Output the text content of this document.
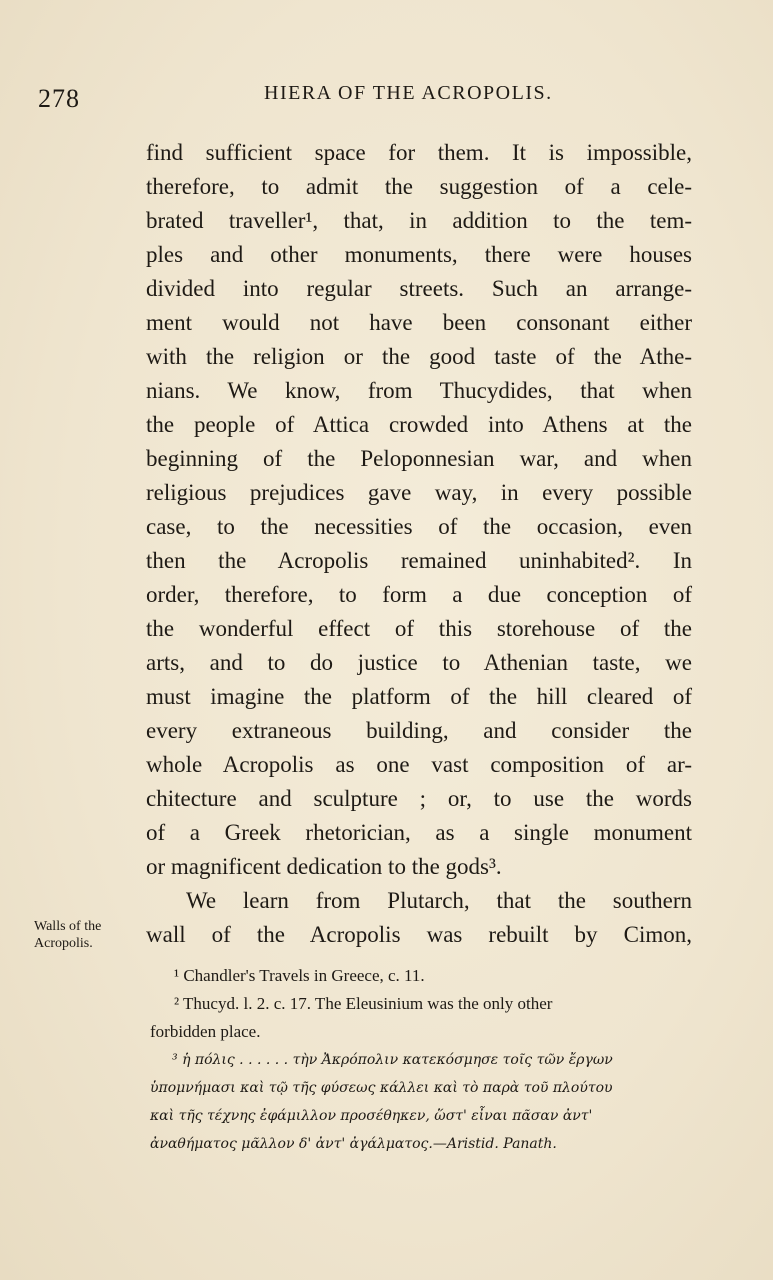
278	HIERA OF THE ACROPOLIS.
find sufficient space for them. It is impossible,
therefore, to admit the suggestion of a cele-
brated traveller¹, that, in addition to the tem-
ples and other monuments, there were houses
divided into regular streets. Such an arrange-
ment would not have been consonant either
with the religion or the good taste of the Athe-
nians. We know, from Thucydides, that when
the people of Attica crowded into Athens at the
beginning of the Peloponnesian war, and when
religious prejudices gave way, in every possible
case, to the necessities of the occasion, even
then the Acropolis remained uninhabited². In
order, therefore, to form a due conception of
the wonderful effect of this storehouse of the
arts, and to do justice to Athenian taste, we
must imagine the platform of the hill cleared of
every extraneous building, and consider the
whole Acropolis as one vast composition of ar-
chitecture and sculpture ; or, to use the words
of a Greek rhetorician, as a single monument
or magnificent dedication to the gods³.
We learn from Plutarch, that the southern
wall of the Acropolis was rebuilt by Cimon,
Walls of the
Acropolis.
¹ Chandler's Travels in Greece, c. 11.
² Thucyd. l. 2. c. 17. The Eleusinium was the only other
forbidden place.
³ ἡ πόλις . . . . . . τὴν Ἀκρόπολιν κατεκόσμησε τοῖς τῶν ἔργων
ὑπομνήμασι καὶ τῷ τῆς φύσεως κάλλει καὶ τὸ παρὰ τοῦ πλούτου
καὶ τῆς τέχνης ἐφάμιλλον προσέθηκεν, ὥστ' εἶναι πᾶσαν ἀντ'
ἀναθήματος μᾶλλον δ' ἀντ' ἀγάλματος.—Aristid. Panath.
